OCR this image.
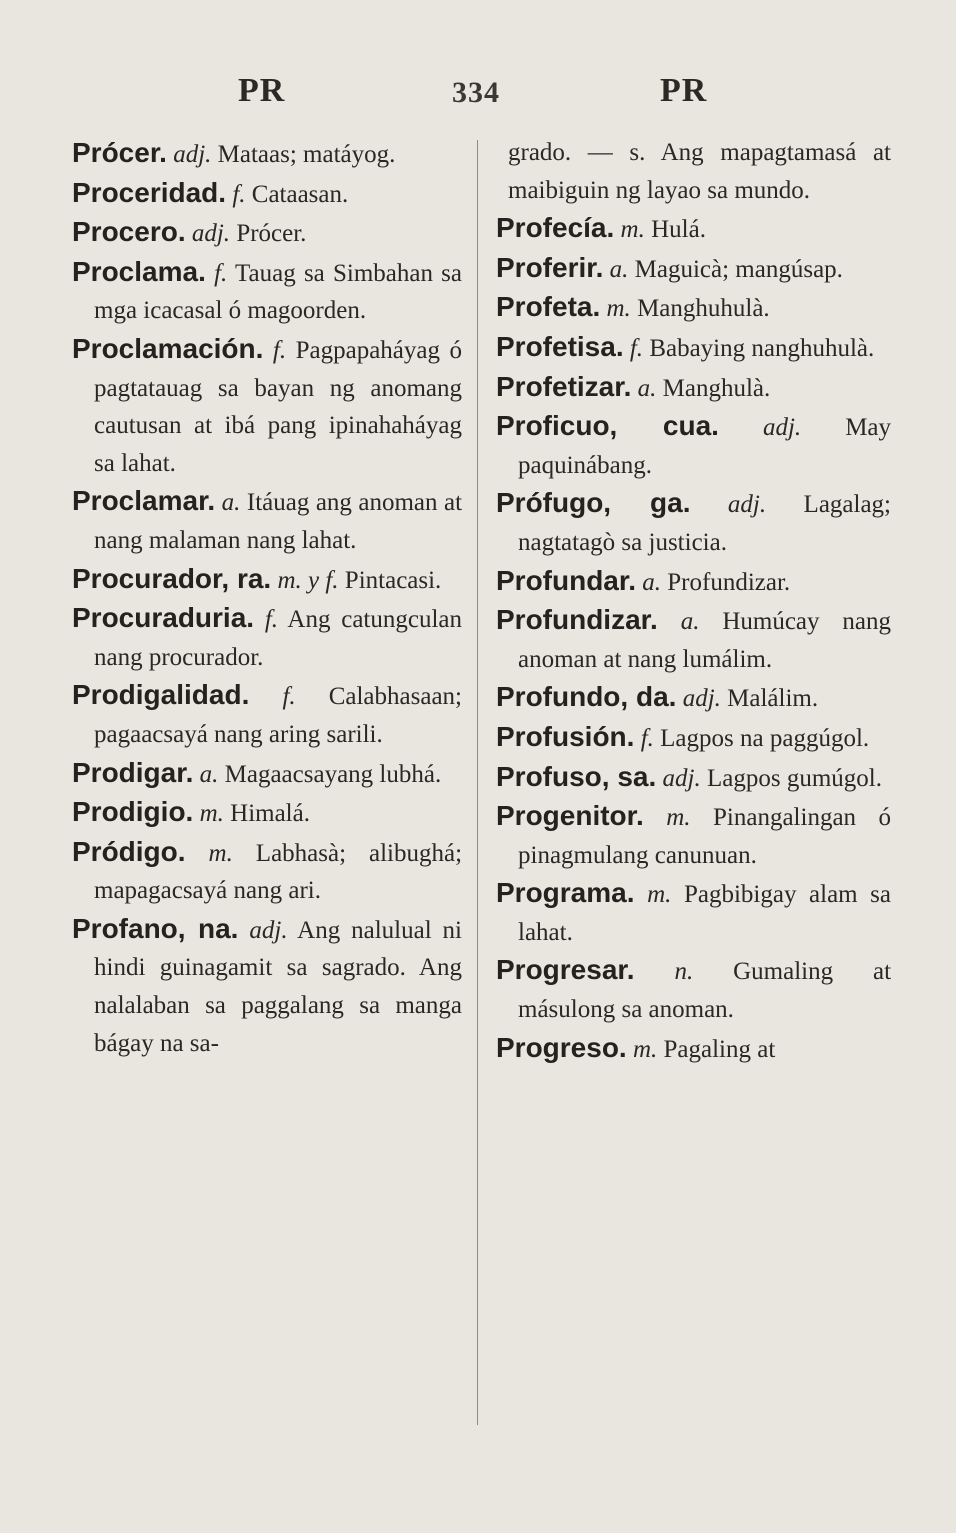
PR	334	PR

Prócer. adj. Mataas; matáyog.

Proceridad. f. Cataasan.

Procero. adj. Prócer.

Proclama. f. Tauag sa Simbahan sa mga icacasal ó magoorden.

Proclamación. f. Pagpapaháyag ó pagtatauag sa bayan ng anomang cautusan at ibá pang ipinahaháyag sa lahat.

Proclamar. a. Itáuag ang anoman at nang malaman nang lahat.

Procurador, ra. m. y f. Pintacasi.

Procuraduria. f. Ang catungculan nang procurador.

Prodigalidad. f. Calabhasaan; pagaacsayá nang aring sarili.

Prodigar. a. Magaacsayang lubhá.

Prodigio. m. Himalá.

Pródigo. m. Labhasà; alibughá; mapagacsayá nang ari.

Profano, na. adj. Ang nalulual ni hindi guinagamit sa sagrado. Ang nalalaban sa paggalang sa manga bágay na sa-

grado. — s. Ang mapagtamasá at maibiguin ng layao sa mundo.

Profecía. m. Hulá.

Proferir. a. Maguicà; mangúsap.

Profeta. m. Manghuhulà.

Profetisa. f. Babaying nanghuhulà.

Profetizar. a. Manghulà.

Proficuo, cua. adj. May paquinábang.

Prófugo, ga. adj. Lagalag; nagtatagò sa justicia.

Profundar. a. Profundizar.

Profundizar. a. Humúcay nang anoman at nang lumálim.

Profundo, da. adj. Malálim.

Profusión. f. Lagpos na paggúgol.

Profuso, sa. adj. Lagpos gumúgol.

Progenitor. m. Pinangalingan ó pinagmulang canunuan.

Programa. m. Pagbibigay alam sa lahat.

Progresar. n. Gumaling at másulong sa anoman.

Progreso. m. Pagaling at
